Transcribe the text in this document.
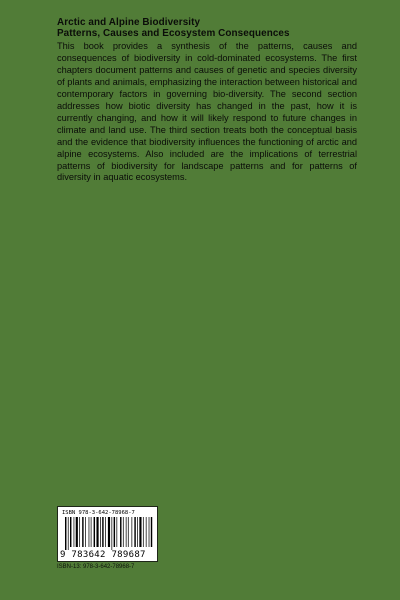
Arctic and Alpine Biodiversity
Patterns, Causes and Ecosystem Consequences

This book provides a synthesis of the patterns, causes and consequences of biodiversity in cold-dominated ecosystems. The first chapters document patterns and causes of genetic and species diversity of plants and animals, emphasizing the interaction between historical and contemporary factors in governing bio-diversity. The second section addresses how biotic diversity has changed in the past, how it is currently changing, and how it will likely respond to future changes in climate and land use. The third section treats both the conceptual basis and the evidence that biodiversity influences the functioning of arctic and alpine ecosystems. Also included are the implications of terrestrial patterns of biodiversity for landscape patterns and for patterns of diversity in aquatic ecosystems.

ISBN 978-3-642-78968-7
9 783642 789687
ISBN-13: 978-3-642-78968-7
